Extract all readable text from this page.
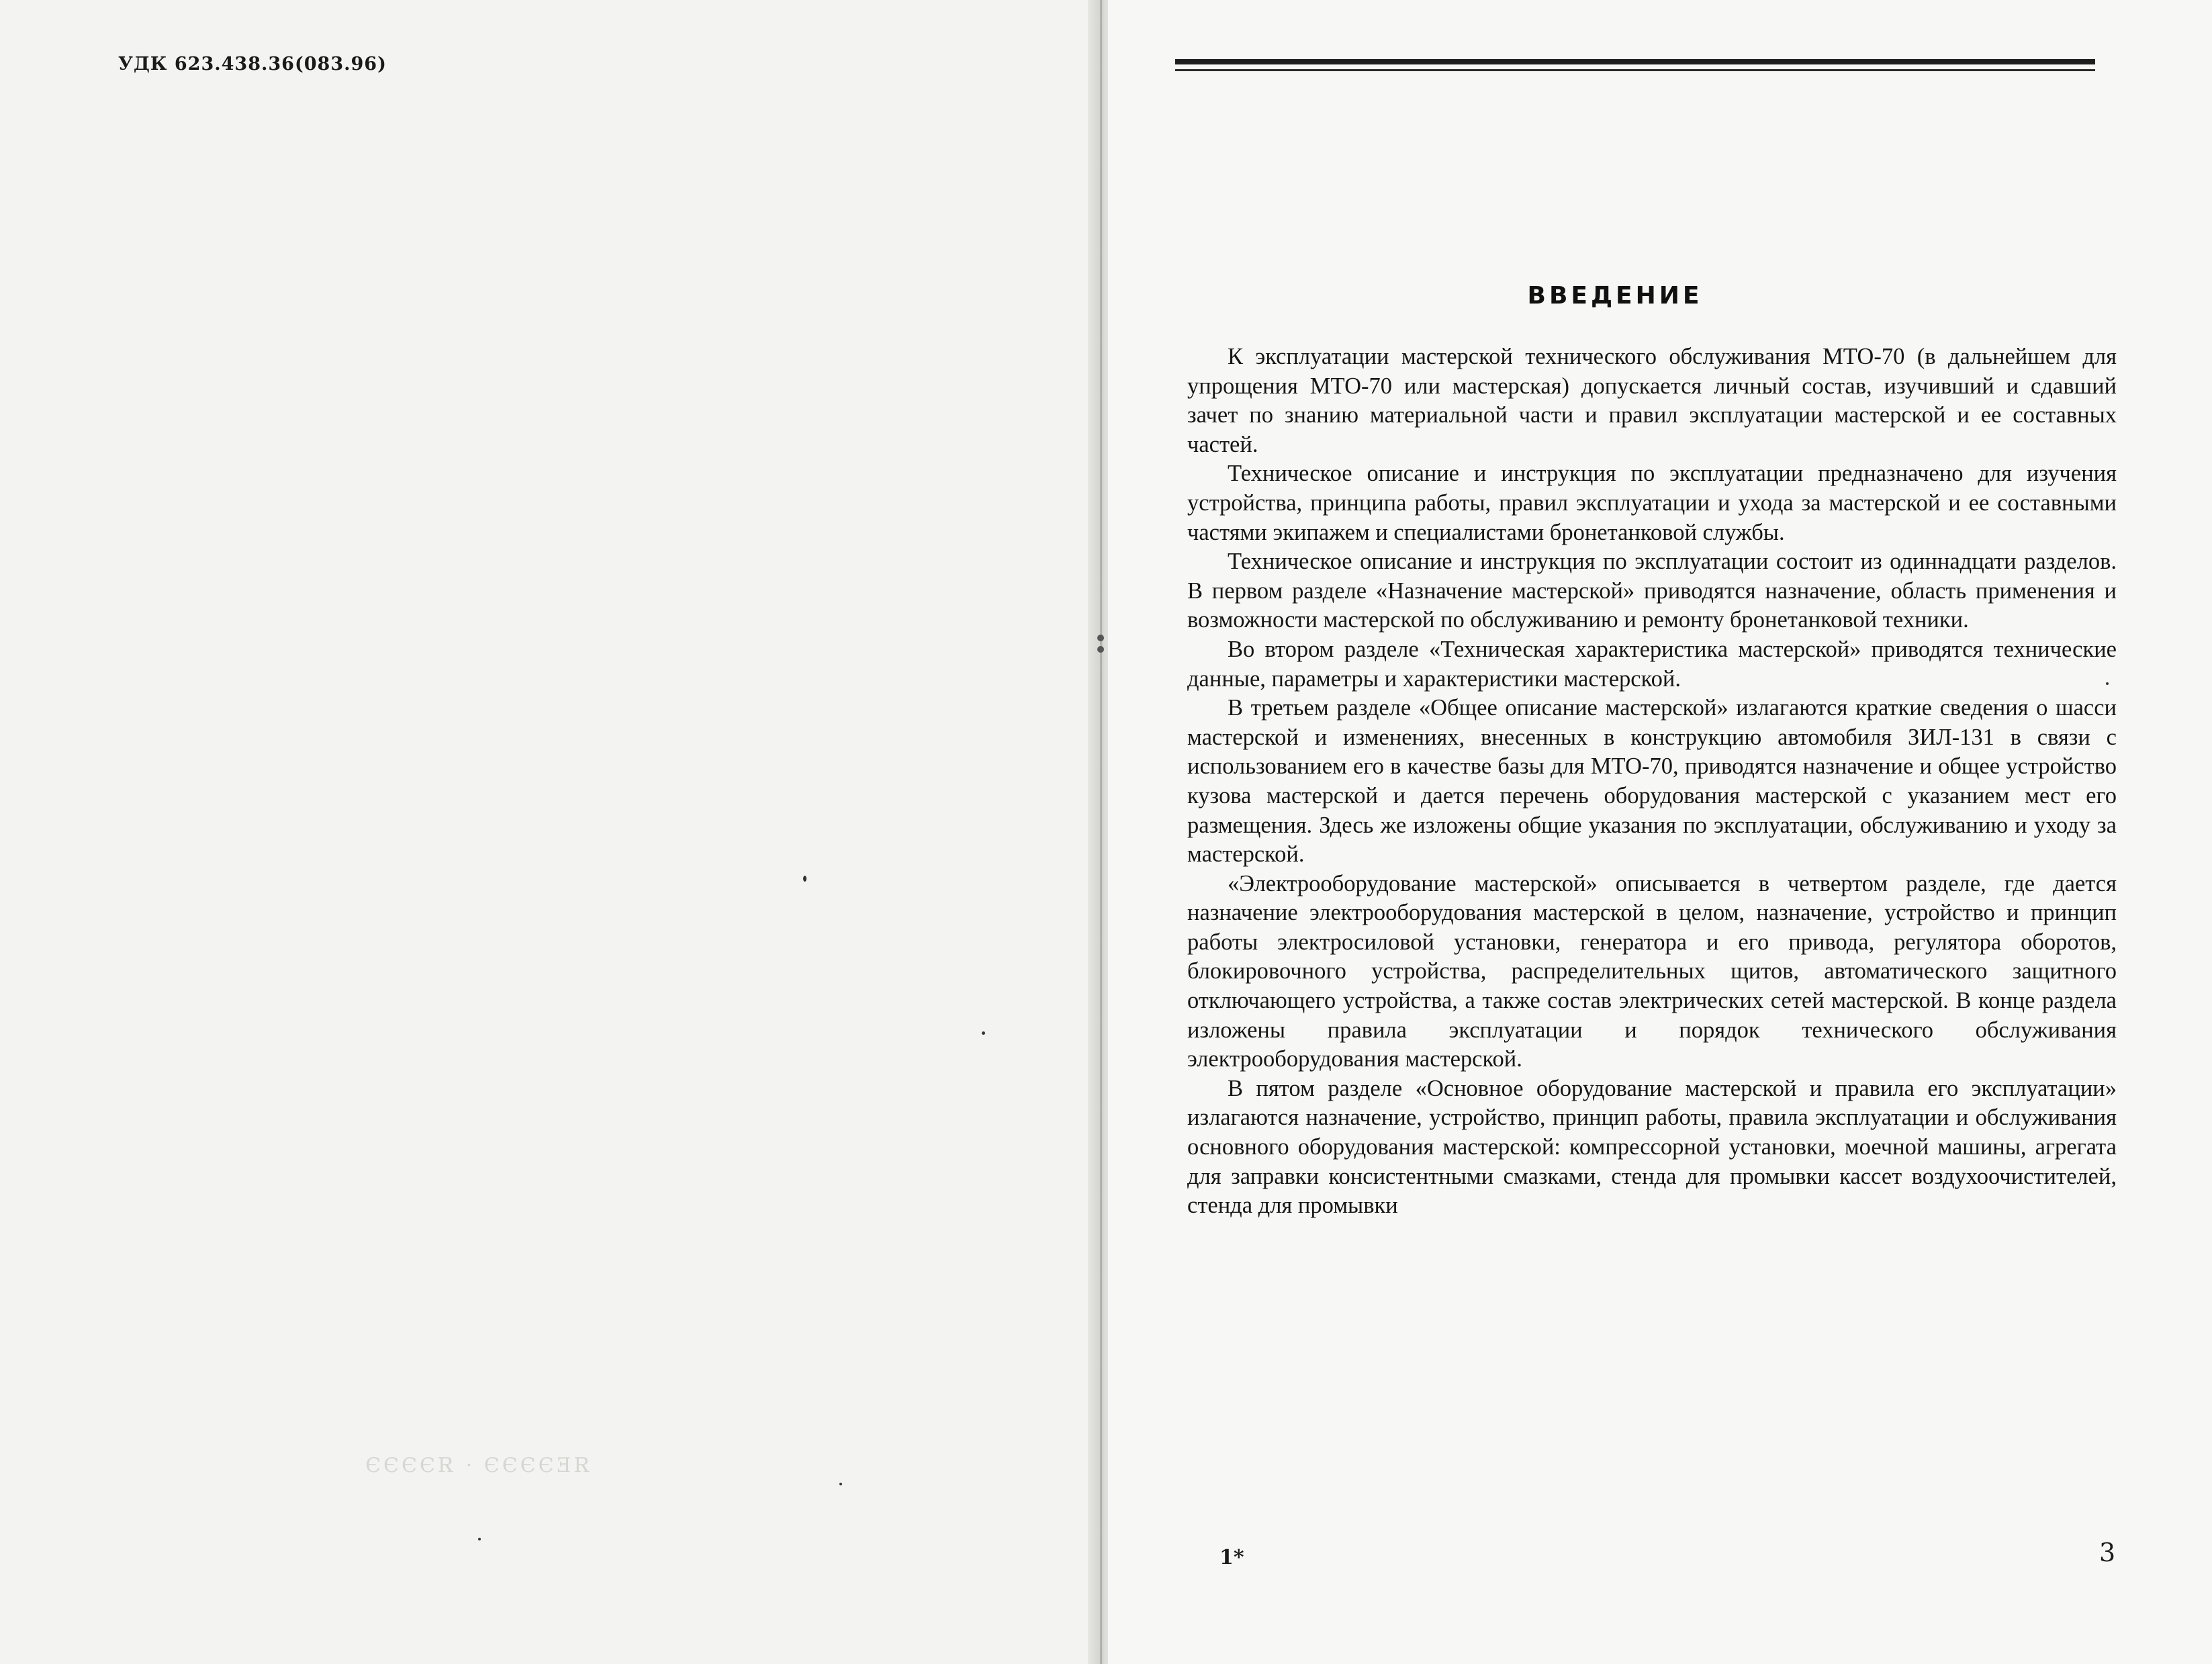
УДК 623.438.36(083.96)
ЯЕЭЭЭЭ · ЯЭЭЭЭ
ВВЕДЕНИЕ

К эксплуатации мастерской технического обслуживания МТО-70 (в дальнейшем для упрощения МТО-70 или мастерская) допускается личный состав, изучивший и сдавший зачет по знанию материальной части и правил эксплуатации мастерской и ее составных частей.

Техническое описание и инструкция по эксплуатации предназначено для изучения устройства, принципа работы, правил эксплуатации и ухода за мастерской и ее составными частями экипажем и специалистами бронетанковой службы.

Техническое описание и инструкция по эксплуатации состоит из одиннадцати разделов. В первом разделе «Назначение мастерской» приводятся назначение, область применения и возможности мастерской по обслуживанию и ремонту бронетанковой техники.

Во втором разделе «Техническая характеристика мастерской» приводятся технические данные, параметры и характеристики мастерской.

В третьем разделе «Общее описание мастерской» излагаются краткие сведения о шасси мастерской и изменениях, внесенных в конструкцию автомобиля ЗИЛ-131 в связи с использованием его в качестве базы для МТО-70, приводятся назначение и общее устройство кузова мастерской и дается перечень оборудования мастерской с указанием мест его размещения. Здесь же изложены общие указания по эксплуатации, обслуживанию и уходу за мастерской.

«Электрооборудование мастерской» описывается в четвертом разделе, где дается назначение электрооборудования мастерской в целом, назначение, устройство и принцип работы электросиловой установки, генератора и его привода, регулятора оборотов, блокировочного устройства, распределительных щитов, автоматического защитного отключающего устройства, а также состав электрических сетей мастерской. В конце раздела изложены правила эксплуатации и порядок технического обслуживания электрооборудования мастерской.

В пятом разделе «Основное оборудование мастерской и правила его эксплуатации» излагаются назначение, устройство, принцип работы, правила эксплуатации и обслуживания основного оборудования мастерской: компрессорной установки, моечной машины, агрегата для заправки консистентными смазками, стенда для промывки кассет воздухоочистителей, стенда для промывки

1*	3
